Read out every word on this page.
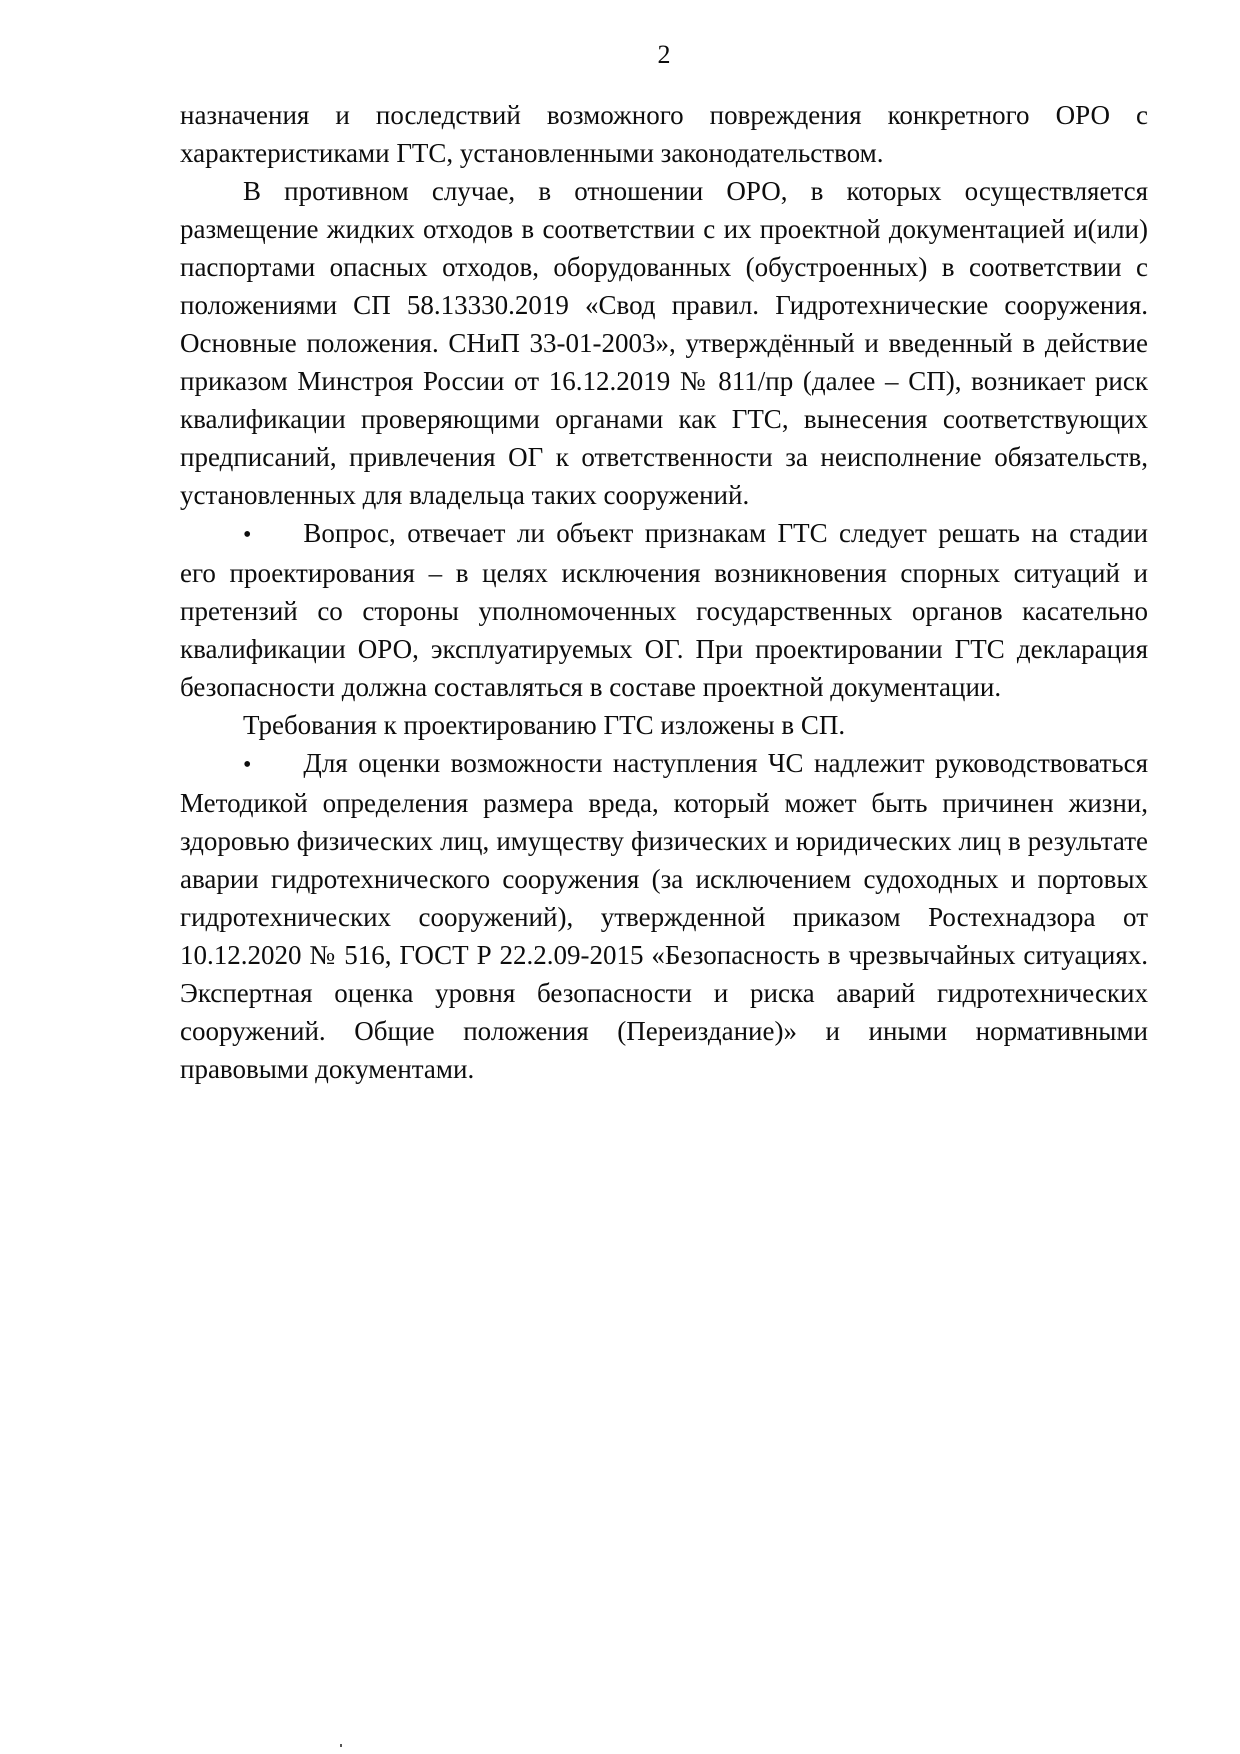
2

назначения и последствий возможного повреждения конкретного ОРО с характеристиками ГТС, установленными законодательством.

В противном случае, в отношении ОРО, в которых осуществляется размещение жидких отходов в соответствии с их проектной документацией и(или) паспортами опасных отходов, оборудованных (обустроенных) в соответствии с положениями СП 58.13330.2019 «Свод правил. Гидротехнические сооружения. Основные положения. СНиП 33-01-2003», утверждённый и введенный в действие приказом Минстроя России от 16.12.2019 № 811/пр (далее – СП), возникает риск квалификации проверяющими органами как ГТС, вынесения соответствующих предписаний, привлечения ОГ к ответственности за неисполнение обязательств, установленных для владельца таких сооружений.

• Вопрос, отвечает ли объект признакам ГТС следует решать на стадии его проектирования – в целях исключения возникновения спорных ситуаций и претензий со стороны уполномоченных государственных органов касательно квалификации ОРО, эксплуатируемых ОГ. При проектировании ГТС декларация безопасности должна составляться в составе проектной документации.

Требования к проектированию ГТС изложены в СП.

• Для оценки возможности наступления ЧС надлежит руководствоваться Методикой определения размера вреда, который может быть причинен жизни, здоровью физических лиц, имуществу физических и юридических лиц в результате аварии гидротехнического сооружения (за исключением судоходных и портовых гидротехнических сооружений), утвержденной приказом Ростехнадзора от 10.12.2020 № 516, ГОСТ Р 22.2.09-2015 «Безопасность в чрезвычайных ситуациях. Экспертная оценка уровня безопасности и риска аварий гидротехнических сооружений. Общие положения (Переиздание)» и иными нормативными правовыми документами.
